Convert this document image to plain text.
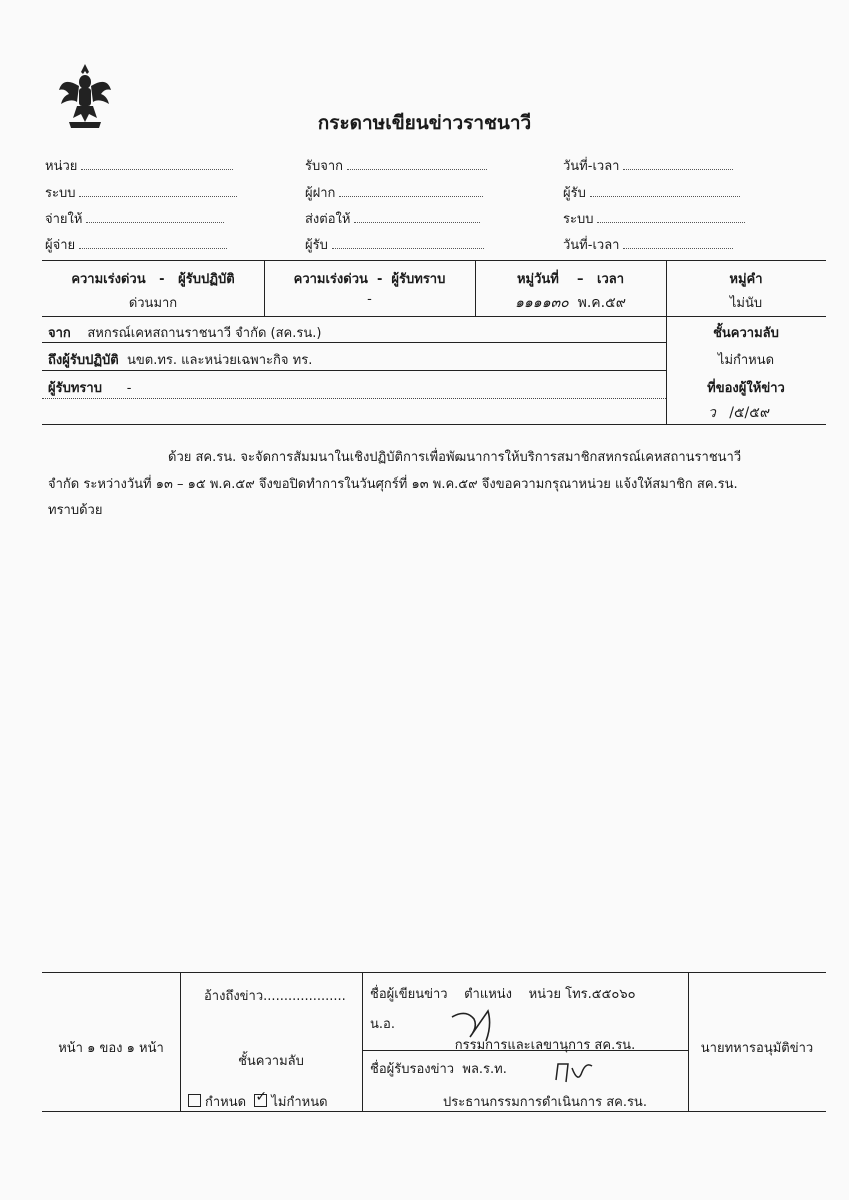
กระดาษเขียนข่าวราชนาวี
หน่วย
ระบบ
จ่ายให้
ผู้จ่าย
รับจาก
ผู้ฝาก
ส่งต่อให้
ผู้รับ
วันที่-เวลา
ผู้รับ
ระบบ
วันที่-เวลา
ความเร่งด่วน   -   ผู้รับปฏิบัติ
ด่วนมาก
ความเร่งด่วน  -  ผู้รับทราบ
-
หมู่วันที่    –   เวลา
๑๑๑๑๓๐ พ.ค.๕๙
หมู่คำ
ไม่นับ
จาก สหกรณ์เคหสถานราชนาวี จำกัด (สค.รน.)
ถึงผู้รับปฏิบัติ นขต.ทร. และหน่วยเฉพาะกิจ ทร.
ผู้รับทราบ -
ชั้นความลับ
ไม่กำหนด
ที่ของผู้ให้ข่าว
ว /๕/๕๙
ด้วย สค.รน. จะจัดการสัมมนาในเชิงปฏิบัติการเพื่อพัฒนาการให้บริการสมาชิกสหกรณ์เคหสถานราชนาวี
จำกัด ระหว่างวันที่ ๑๓ – ๑๕ พ.ค.๕๙ จึงขอปิดทำการในวันศุกร์ที่ ๑๓ พ.ค.๕๙ จึงขอความกรุณาหน่วย แจ้งให้สมาชิก สค.รน.
ทราบด้วย
หน้า ๑ ของ ๑ หน้า
อ้างถึงข่าว....................
ชั้นความลับ
กำหนด  ✓ ไม่กำหนด
ชื่อผู้เขียนข่าว ตำแหน่ง หน่วย โทร.๕๕๐๖๐
น.อ.
กรรมการและเลขานุการ สค.รน.
ชื่อผู้รับรองข่าว พล.ร.ท.
ประธานกรรมการดำเนินการ สค.รน.
นายทหารอนุมัติข่าว
